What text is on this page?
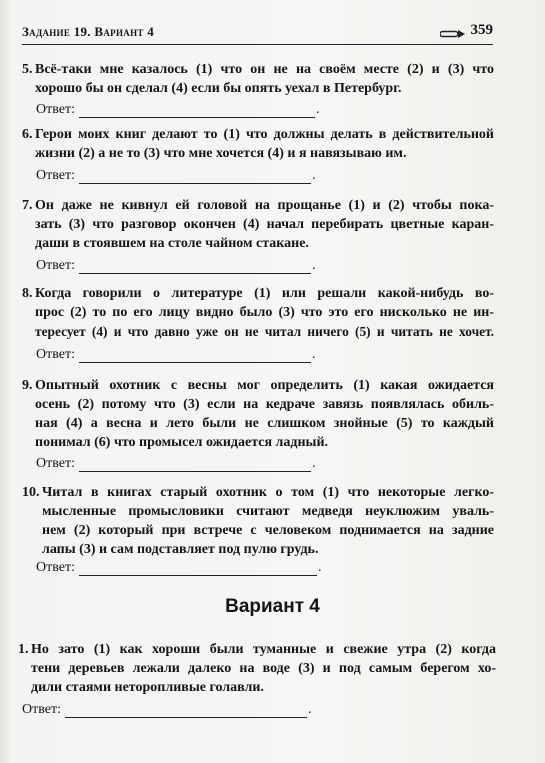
Задание 19. Вариант 4	359
5. Всё-таки мне казалось (1) что он не на своём месте (2) и (3) что
хорошо бы он сделал (4) если бы опять уехал в Петербург.
Ответ:	.
6. Герои моих книг делают то (1) что должны делать в действительной
жизни (2) а не то (3) что мне хочется (4) и я навязываю им.
Ответ:	.
7. Он даже не кивнул ей головой на прощанье (1) и (2) чтобы пока-
зать (3) что разговор окончен (4) начал перебирать цветные каран-
даши в стоявшем на столе чайном стакане.
Ответ:	.
8. Когда говорили о литературе (1) или решали какой-нибудь во-
прос (2) то по его лицу видно было (3) что это его нисколько не ин-
тересует (4) и что давно уже он не читал ничего (5) и читать не хочет.
Ответ:	.
9. Опытный охотник с весны мог определить (1) какая ожидается
осень (2) потому что (3) если на кедраче завязь появлялась обиль-
ная (4) а весна и лето были не слишком знойные (5) то каждый
понимал (6) что промысел ожидается ладный.
Ответ:	.
10. Читал в книгах старый охотник о том (1) что некоторые легко-
мысленные промысловики считают медведя неуклюжим уваль-
нем (2) который при встрече с человеком поднимается на задние
лапы (3) и сам подставляет под пулю грудь.
Ответ:	.
Вариант 4
1. Но зато (1) как хороши были туманные и свежие утра (2) когда
тени деревьев лежали далеко на воде (3) и под самым берегом хо-
дили стаями неторопливые голавли.
Ответ:	.
